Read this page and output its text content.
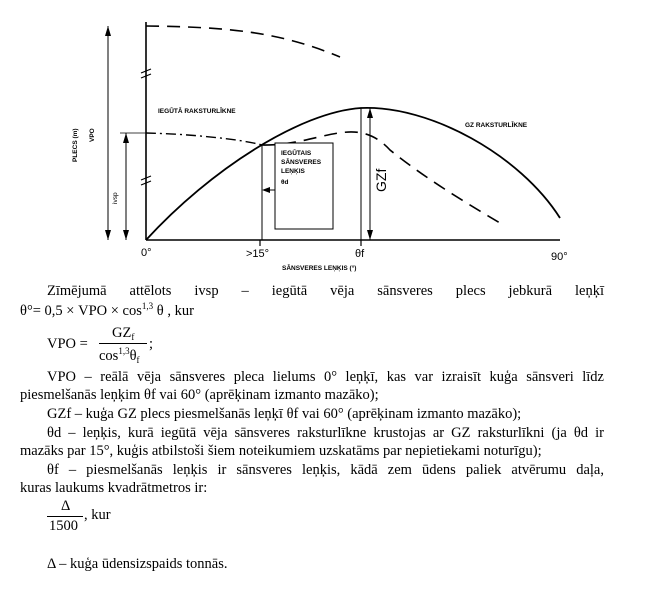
VPO
PLECS (m)
ivsp
IEGŪTĀ RAKSTURLĪKNE
GZ RAKSTURLĪKNE
IEGŪTAIS
SĀNSVERES
LEŅĶIS
θd	GZf
0°	>15°	θf	90°
SĀNSVERES LEŅĶIS (°)
Zīmējumā attēlots ivsp – iegūtā vēja sānsveres plecs jebkurā leņķī
θ°= 0,5 × VPO × $\cos^{1,3} \theta$ , kur
VPO =
$GZ_f$
$\cos^{1,3}\theta_f$
;
VPO – reālā vēja sānsveres pleca lielums 0° leņķī, kas var izraisīt kuģa sānsveri līdz
piesmelšanās leņķim θf vai 60° (aprēķinam izmanto mazāko);
GZf – kuģa GZ plecs piesmelšanās leņķī θf vai 60° (aprēķinam izmanto mazāko);
θd – leņķis, kurā iegūtā vēja sānsveres raksturlīkne krustojas ar GZ raksturlīkni (ja θd ir
mazāks par 15°, kuģis atbilstoši šiem noteikumiem uzskatāms par nepietiekami noturīgu);
θf – piesmelšanās leņķis ir sānsveres leņķis, kādā zem ūdens paliek atvērumu daļa,
kuras laukums kvadrātmetros ir:
Δ
1500
, kur
Δ – kuģa ūdensizspaids tonnās.
